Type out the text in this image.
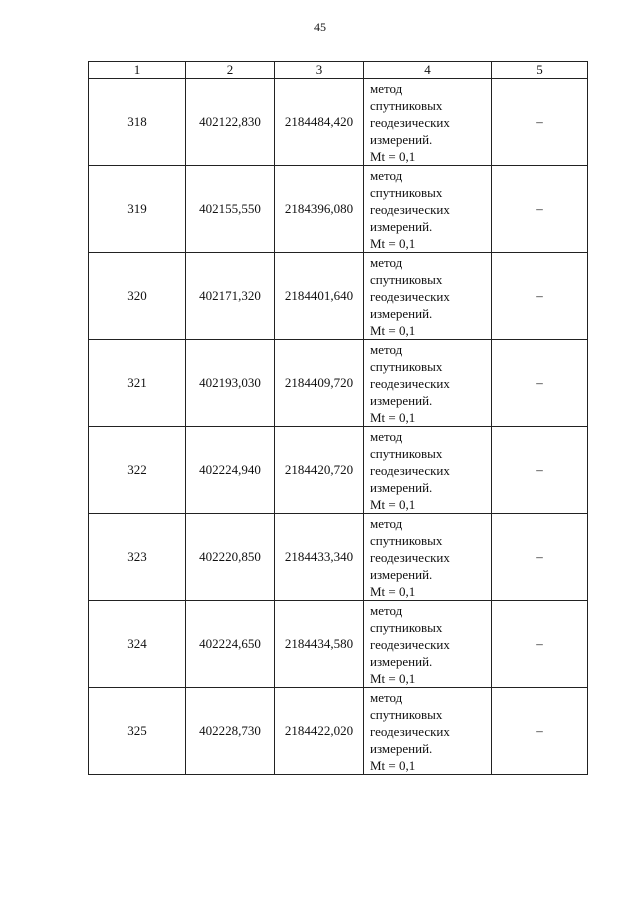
45
1	2	3	4	5
318	402122,830	2184484,420	метод
спутниковых
геодезических
измерений.
Mt = 0,1	–
319	402155,550	2184396,080	метод
спутниковых
геодезических
измерений.
Mt = 0,1	–
320	402171,320	2184401,640	метод
спутниковых
геодезических
измерений.
Mt = 0,1	–
321	402193,030	2184409,720	метод
спутниковых
геодезических
измерений.
Mt = 0,1	–
322	402224,940	2184420,720	метод
спутниковых
геодезических
измерений.
Mt = 0,1	–
323	402220,850	2184433,340	метод
спутниковых
геодезических
измерений.
Mt = 0,1	–
324	402224,650	2184434,580	метод
спутниковых
геодезических
измерений.
Mt = 0,1	–
325	402228,730	2184422,020	метод
спутниковых
геодезических
измерений.
Mt = 0,1	–
